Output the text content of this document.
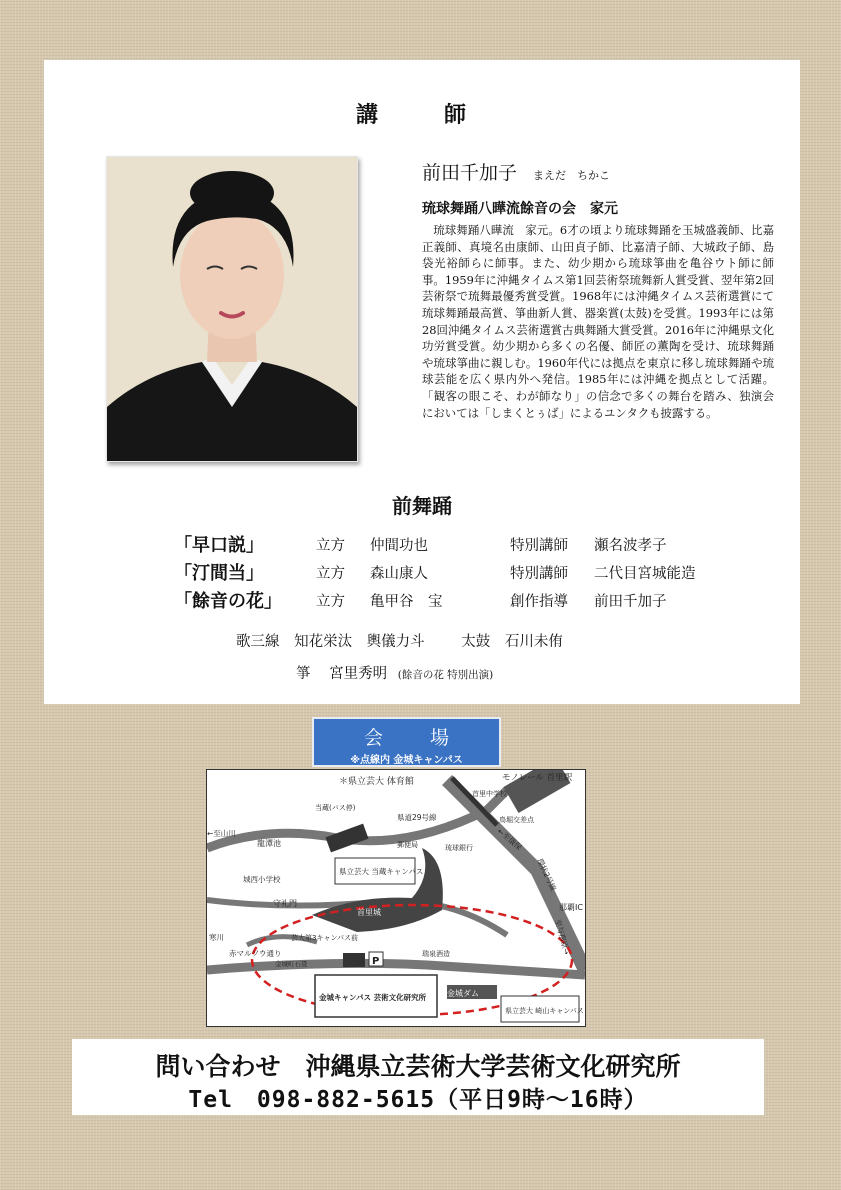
講　師
前田千加子 まえだ　ちかこ
琉球舞踊八曄流餘音の会　家元
琉球舞踊八曄流　家元。6才の頃より琉球舞踊を玉城盛義師、比嘉正義師、真境名由康師、山田貞子師、比嘉清子師、大城政子師、島袋光裕師らに師事。また、幼少期から琉球箏曲を亀谷ウト師に師事。1959年に沖縄タイムス第1回芸術祭琉舞新人賞受賞、翌年第2回芸術祭で琉舞最優秀賞受賞。1968年には沖縄タイムス芸術選賞にて琉球舞踊最高賞、箏曲新人賞、器楽賞(太鼓)を受賞。1993年には第28回沖縄タイムス芸術選賞古典舞踊大賞受賞。2016年に沖縄県文化功労賞受賞。幼少期から多くの名優、師匠の薫陶を受け、琉球舞踊や琉球箏曲に親しむ。1960年代には拠点を東京に移し琉球舞踊や琉球芸能を広く県内外へ発信。1985年には沖縄を拠点として活躍。「観客の眼こそ、わが師なり」の信念で多くの舞台を踏み、独演会においては「しまくとぅば」によるユンタクも披露する。
前舞踊
「早口説」	立方 仲間功也	特別講師 瀬名波孝子
「汀間当」	立方 森山康人	特別講師 二代目宮城能造
「餘音の花」 立方 亀甲谷　宝	創作指導 前田千加子
歌三線 知花栄汰　輿儀力斗	太鼓 石川未侑
箏 宮里秀明 (餘音の花 特別出演)
会　場
※点線内 金城キャンパス
＊県立芸大 体育館	モノレール 首里駅
首里中学校
鳥堀交差点
当蔵(バス停)
県道29号線
←至山川
龍潭池	郵便局	琉球銀行
県立芸大 当蔵キャンパス
←至儀保
環状2号線
城西小学校
守礼門
首里城
那覇IC
至与那原→
寒川
赤マルソウ通り
芸大第3キャンパス前
瑞泉酒造
金城町石畳	P
金城キャンパス 芸術文化研究所	金城ダム
県立芸大 崎山キャンパス
問い合わせ　沖縄県立芸術大学芸術文化研究所
Tel　098-882-5615（平日9時～16時）
